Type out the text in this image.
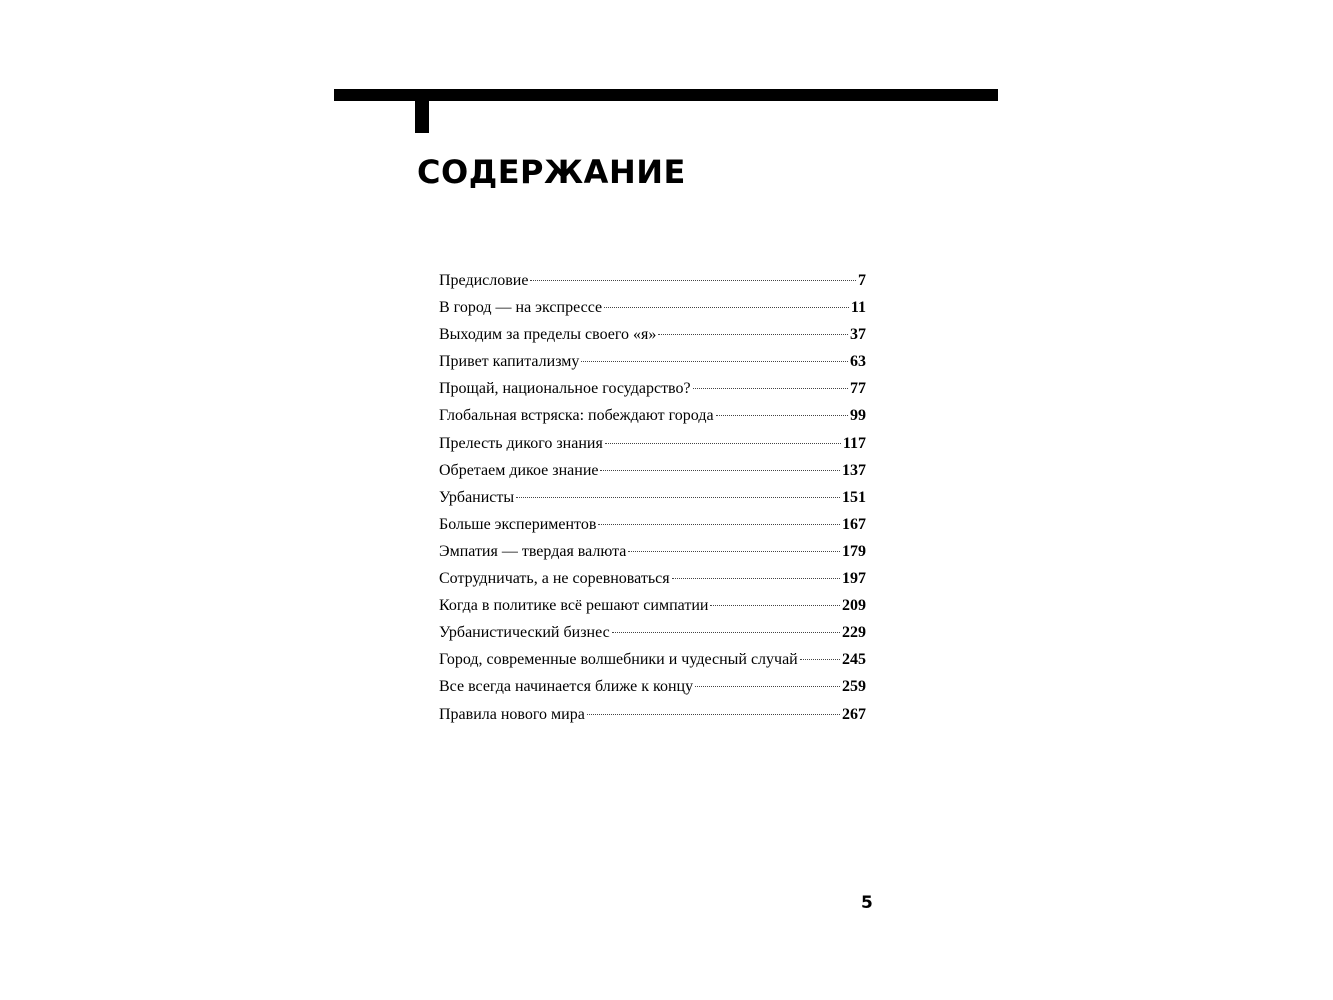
СОДЕРЖАНИЕ
Предисловие	7
В город — на экспрессе	11
Выходим за пределы своего «я»	37
Привет капитализму	63
Прощай, национальное государство?	77
Глобальная встряска: побеждают города	99
Прелесть дикого знания	117
Обретаем дикое знание	137
Урбанисты	151
Больше экспериментов	167
Эмпатия — твердая валюта	179
Сотрудничать, а не соревноваться	197
Когда в политике всё решают симпатии	209
Урбанистический бизнес	229
Город, современные волшебники и чудесный случай	245
Все всегда начинается ближе к концу	259
Правила нового мира	267
5
